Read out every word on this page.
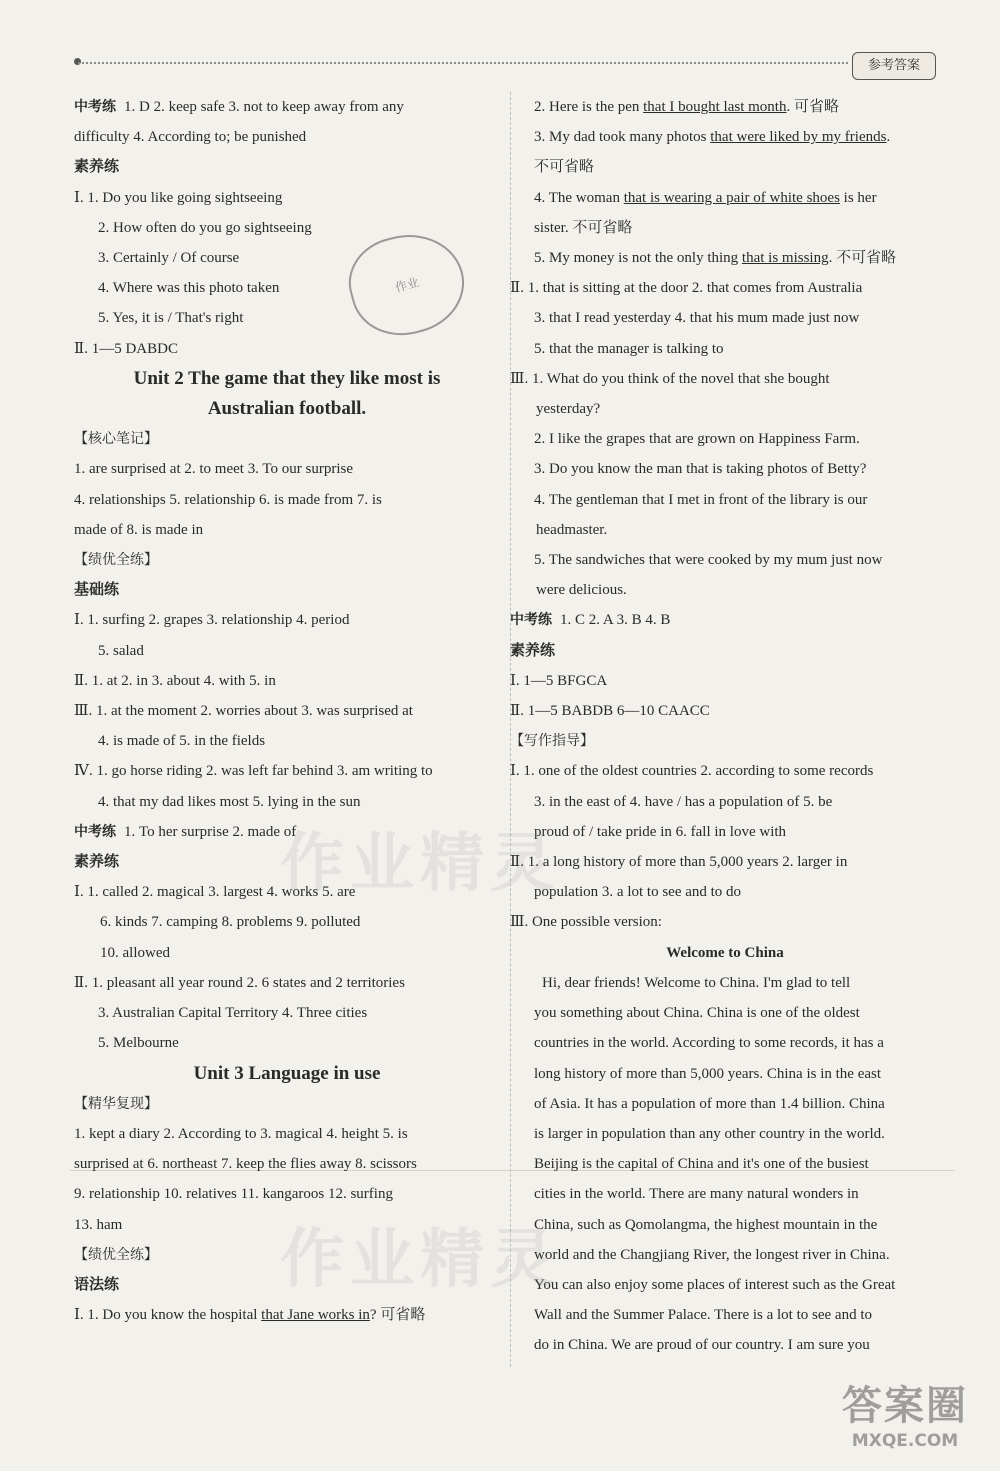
参考答案
中考练 1. D 2. keep safe 3. not to keep away from any
difficulty 4. According to; be punished
素养练
Ⅰ. 1. Do you like going sightseeing
2. How often do you go sightseeing
3. Certainly / Of course
4. Where was this photo taken
5. Yes, it is / That's right
Ⅱ. 1—5 DABDC
Unit 2 The game that they like most is
Australian football.
【核心笔记】
1. are surprised at 2. to meet 3. To our surprise
4. relationships 5. relationship 6. is made from 7. is
made of 8. is made in
【绩优全练】
基础练
Ⅰ. 1. surfing 2. grapes 3. relationship 4. period
5. salad
Ⅱ. 1. at 2. in 3. about 4. with 5. in
Ⅲ. 1. at the moment 2. worries about 3. was surprised at
4. is made of 5. in the fields
Ⅳ. 1. go horse riding 2. was left far behind 3. am writing to
4. that my dad likes most 5. lying in the sun
中考练 1. To her surprise 2. made of
素养练
Ⅰ. 1. called 2. magical 3. largest 4. works 5. are
6. kinds 7. camping 8. problems 9. polluted
10. allowed
Ⅱ. 1. pleasant all year round 2. 6 states and 2 territories
3. Australian Capital Territory 4. Three cities
5. Melbourne
Unit 3 Language in use
【精华复现】
1. kept a diary 2. According to 3. magical 4. height 5. is
surprised at 6. northeast 7. keep the flies away 8. scissors
9. relationship 10. relatives 11. kangaroos 12. surfing
13. ham
【绩优全练】
语法练
Ⅰ. 1. Do you know the hospital that Jane works in? 可省略
2. Here is the pen that I bought last month. 可省略
3. My dad took many photos that were liked by my friends.
不可省略
4. The woman that is wearing a pair of white shoes is her
sister. 不可省略
5. My money is not the only thing that is missing. 不可省略
Ⅱ. 1. that is sitting at the door 2. that comes from Australia
3. that I read yesterday 4. that his mum made just now
5. that the manager is talking to
Ⅲ. 1. What do you think of the novel that she bought
yesterday?
2. I like the grapes that are grown on Happiness Farm.
3. Do you know the man that is taking photos of Betty?
4. The gentleman that I met in front of the library is our
headmaster.
5. The sandwiches that were cooked by my mum just now
were delicious.
中考练 1. C 2. A 3. B 4. B
素养练
Ⅰ. 1—5 BFGCA
Ⅱ. 1—5 BABDB 6—10 CAACC
【写作指导】
Ⅰ. 1. one of the oldest countries 2. according to some records
3. in the east of 4. have / has a population of 5. be
proud of / take pride in 6. fall in love with
Ⅱ. 1. a long history of more than 5,000 years 2. larger in
population 3. a lot to see and to do
Ⅲ. One possible version:
Welcome to China
Hi, dear friends! Welcome to China. I'm glad to tell
you something about China. China is one of the oldest
countries in the world. According to some records, it has a
long history of more than 5,000 years. China is in the east
of Asia. It has a population of more than 1.4 billion. China
is larger in population than any other country in the world.
Beijing is the capital of China and it's one of the busiest
cities in the world. There are many natural wonders in
China, such as Qomolangma, the highest mountain in the
world and the Changjiang River, the longest river in China.
You can also enjoy some places of interest such as the Great
Wall and the Summer Palace. There is a lot to see and to
do in China. We are proud of our country. I am sure you
作业
作业精灵
作业精灵
答案圈
MXQE.COM
